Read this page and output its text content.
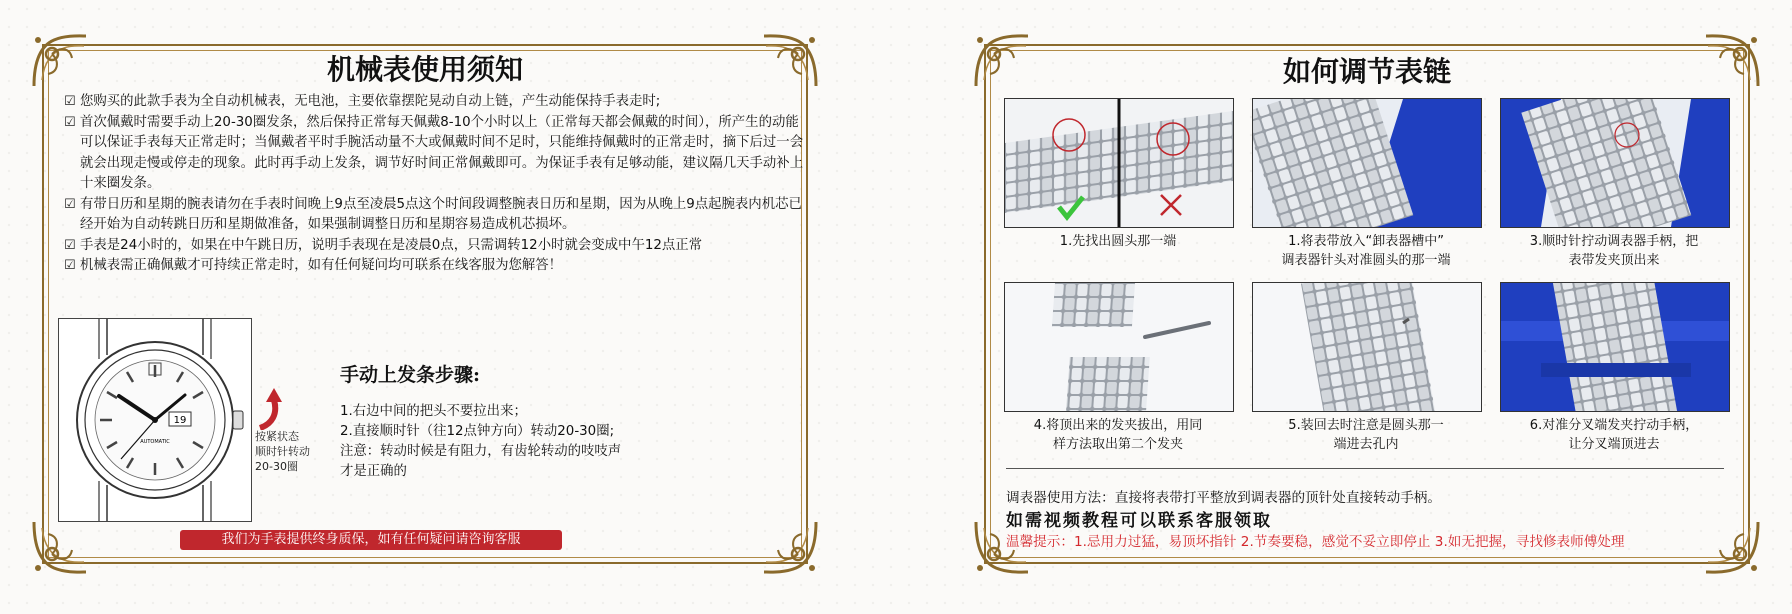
机械表使用须知
☑ 您购买的此款手表为全自动机械表，无电池，主要依靠摆陀晃动自动上链，产生动能保持手表走时;
☑ 首次佩戴时需要手动上20-30圈发条，然后保持正常每天佩戴8-10个小时以上（正常每天都会佩戴的时间），所产生的动能可以保证手表每天正常走时；当佩戴者平时手腕活动量不大或佩戴时间不足时，只能维持佩戴时的正常走时，摘下后过一会就会出现走慢或停走的现象。此时再手动上发条，调节好时间正常佩戴即可。为保证手表有足够动能，建议隔几天手动补上十来圈发条。
☑ 有带日历和星期的腕表请勿在手表时间晚上9点至凌晨5点这个时间段调整腕表日历和星期，因为从晚上9点起腕表内机芯已经开始为自动转跳日历和星期做准备，如果强制调整日历和星期容易造成机芯损坏。
☑ 手表是24小时的，如果在中午跳日历，说明手表现在是凌晨0点，只需调转12小时就会变成中午12点正常
☑ 机械表需正确佩戴才可持续正常走时，如有任何疑问均可联系在线客服为您解答！
19
AUTOMATIC	按紧状态
顺时针转动
20-30圈
手动上发条步骤:
1.右边中间的把头不要拉出来；
2.直接顺时针（往12点钟方向）转动20-30圈;
注意：转动时候是有阻力，有齿轮转动的吱吱声
才是正确的
我们为手表提供终身质保，如有任何疑问请咨询客服
如何调节表链
1.先找出圆头那一端	1.将表带放入“卸表器槽中”
调表器针头对准圆头的那一端
3.顺时针拧动调表器手柄，把
表带发夹顶出来
4.将顶出来的发夹拔出，用同
样方法取出第二个发夹
5.装回去时注意是圆头那一
端进去孔内
6.对准分叉端发夹拧动手柄，
让分叉端顶进去
调表器使用方法：直接将表带打平整放到调表器的顶针处直接转动手柄。
如需视频教程可以联系客服领取
温馨提示：1.忌用力过猛，易顶坏指针 2.节奏要稳，感觉不妥立即停止 3.如无把握，寻找修表师傅处理
